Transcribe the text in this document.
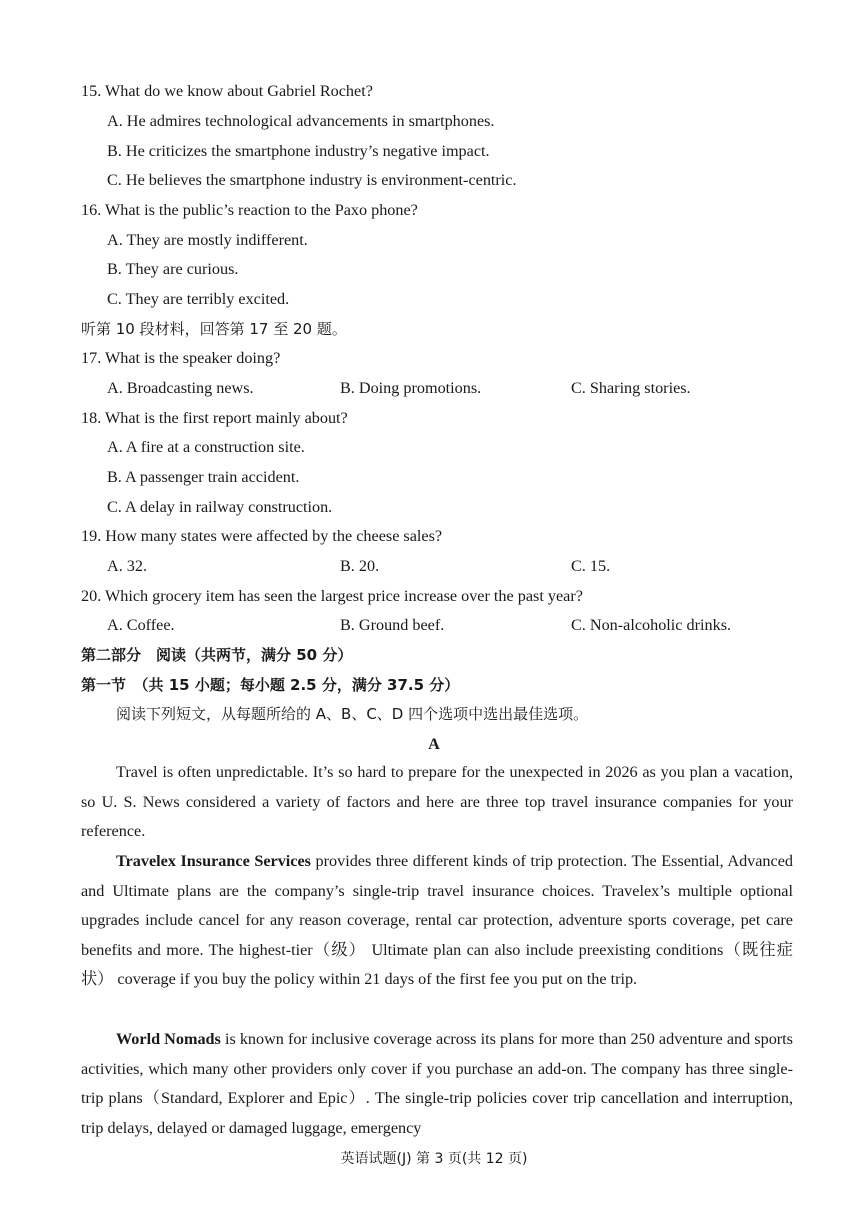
15. What do we know about Gabriel Rochet?
A. He admires technological advancements in smartphones.
B. He criticizes the smartphone industry’s negative impact.
C. He believes the smartphone industry is environment-centric.
16. What is the public’s reaction to the Paxo phone?
A. They are mostly indifferent.
B. They are curious.
C. They are terribly excited.
听第 10 段材料，回答第 17 至 20 题。
17. What is the speaker doing?
A. Broadcasting news.	B. Doing promotions.	C. Sharing stories.
18. What is the first report mainly about?
A. A fire at a construction site.
B. A passenger train accident.
C. A delay in railway construction.
19. How many states were affected by the cheese sales?
A. 32.	B. 20.	C. 15.
20. Which grocery item has seen the largest price increase over the past year?
A. Coffee.	B. Ground beef.	C. Non-alcoholic drinks.
第二部分　阅读（共两节，满分 50 分）
第一节　（共 15 小题；每小题 2.5 分，满分 37.5 分）
阅读下列短文，从每题所给的 A、B、C、D 四个选项中选出最佳选项。
A

Travel is often unpredictable. It’s so hard to prepare for the unexpected in 2026 as you plan a vacation, so U. S. News considered a variety of factors and here are three top travel insurance companies for your reference.

Travelex Insurance Services provides three different kinds of trip protection. The Essential, Advanced and Ultimate plans are the company’s single-trip travel insurance choices. Travelex’s multiple optional upgrades include cancel for any reason coverage, rental car protection, adventure sports coverage, pet care benefits and more. The highest-tier（级） Ultimate plan can also include preexisting conditions（既往症状） coverage if you buy the policy within 21 days of the first fee you put on the trip.

World Nomads is known for inclusive coverage across its plans for more than 250 adventure and sports activities, which many other providers only cover if you purchase an add-on. The company has three single-trip plans（Standard, Explorer and Epic）. The single-trip policies cover trip cancellation and interruption, trip delays, delayed or damaged luggage, emergency

英语试题(J) 第 3 页(共 12 页)
